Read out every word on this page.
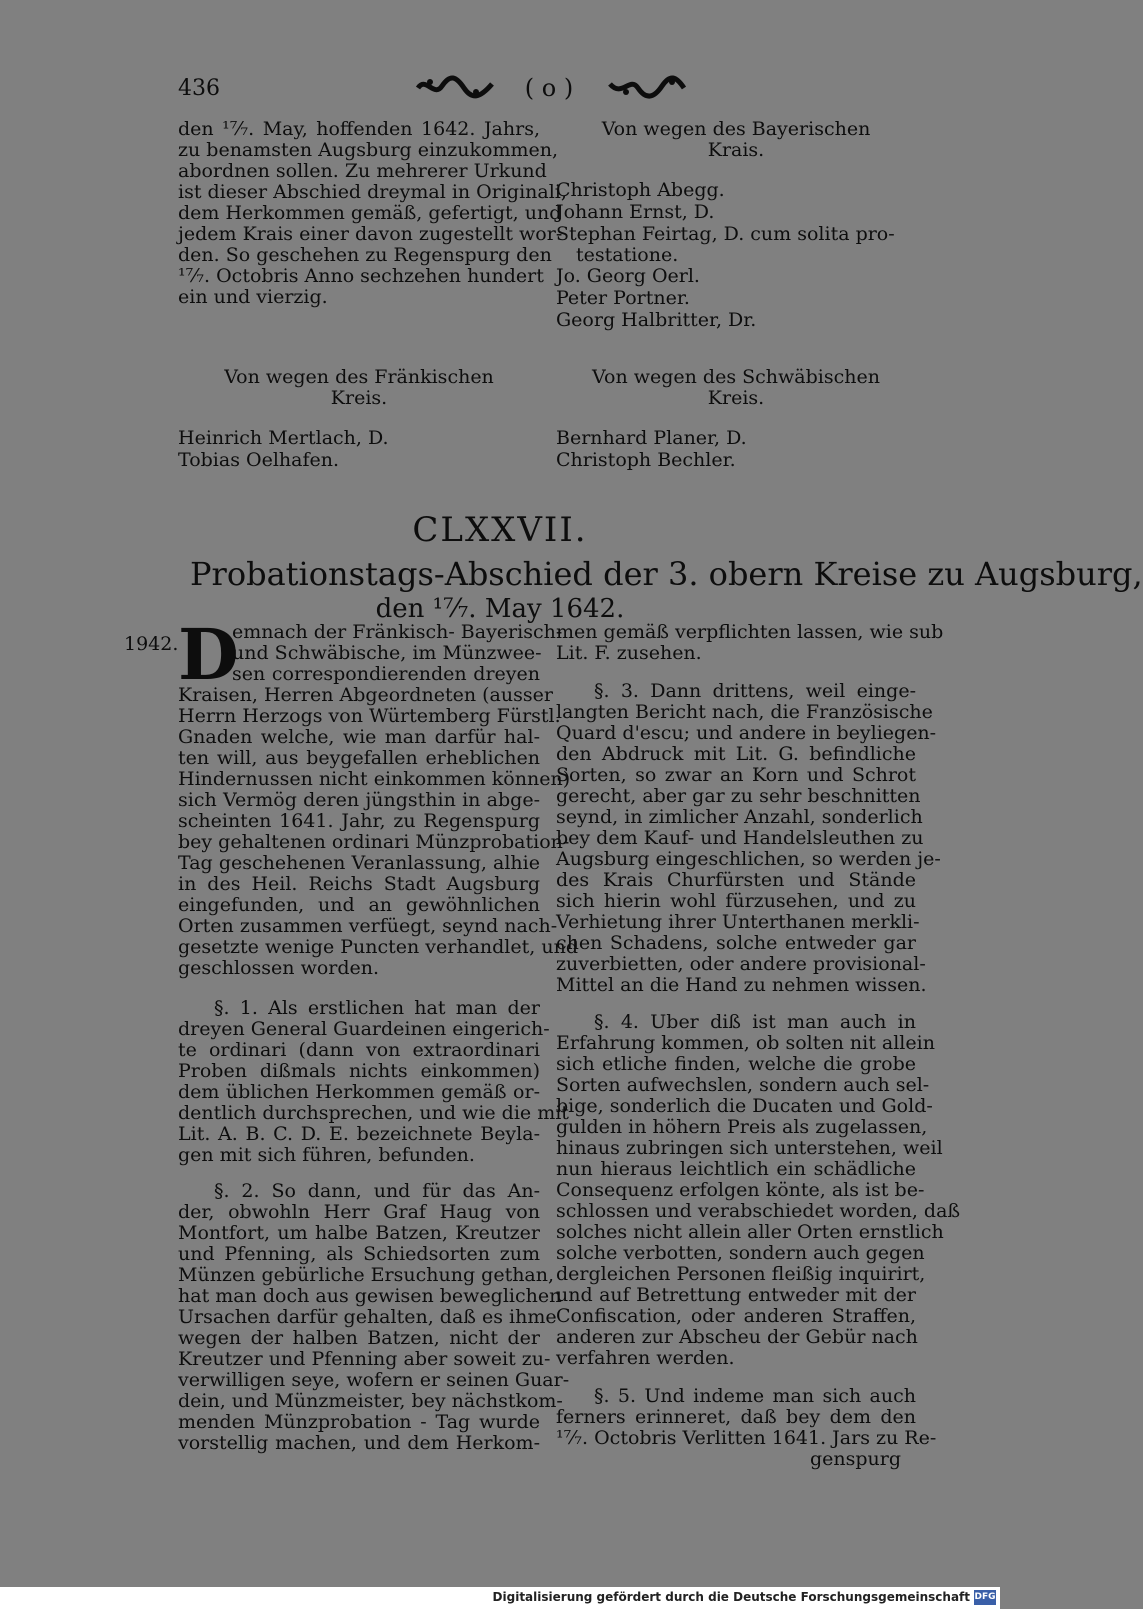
436	( o )
den ¹⁷⁄₇. May, hoffenden 1642. Jahrs,
zu benamsten Augsburg einzukommen,
abordnen sollen. Zu mehrerer Urkund
ist dieser Abschied dreymal in Originali,
dem Herkommen gemäß, gefertigt, und
jedem Krais einer davon zugestellt wor-
den. So geschehen zu Regenspurg den
¹⁷⁄₇. Octobris Anno sechzehen hundert
ein und vierzig.
Von wegen des Bayerischen
Krais.
Christoph Abegg.
Johann Ernst, D.
Stephan Feirtag, D. cum solita pro-
testatione.
Jo. Georg Oerl.
Peter Portner.
Georg Halbritter, Dr.
Von wegen des Fränkischen
Kreis.
Heinrich Mertlach, D.
Tobias Oelhafen.
Von wegen des Schwäbischen
Kreis.
Bernhard Planer, D.
Christoph Bechler.
CLXXVII.
Probationstags-Abschied der 3. obern Kreise zu Augsburg,
den ¹⁷⁄₇. May 1642.
1942. D
emnach der Fränkisch- Bayerisch-
und Schwäbische, im Münzwee-
sen correspondierenden dreyen
Kraisen, Herren Abgeordneten (ausser
Herrn Herzogs von Würtemberg Fürstl.
Gnaden welche, wie man darfür hal-
ten will, aus beygefallen erheblichen
Hindernussen nicht einkommen können)
sich Vermög deren jüngsthin in abge-
scheinten 1641. Jahr, zu Regenspurg
bey gehaltenen ordinari Münzprobation-
Tag geschehenen Veranlassung, alhie
in des Heil. Reichs Stadt Augsburg
eingefunden, und an gewöhnlichen
Orten zusammen verfüegt, seynd nach-
gesetzte wenige Puncten verhandlet, und
geschlossen worden.
§. 1. Als erstlichen hat man der
dreyen General Guardeinen eingerich-
te ordinari (dann von extraordinari
Proben dißmals nichts einkommen)
dem üblichen Herkommen gemäß or-
dentlich durchsprechen, und wie die mit
Lit. A. B. C. D. E. bezeichnete Beyla-
gen mit sich führen, befunden.
§. 2. So dann, und für das An-
der, obwohln Herr Graf Haug von
Montfort, um halbe Batzen, Kreutzer
und Pfenning, als Schiedsorten zum
Münzen gebürliche Ersuchung gethan,
hat man doch aus gewisen beweglichen
Ursachen darfür gehalten, daß es ihme
wegen der halben Batzen, nicht der
Kreutzer und Pfenning aber soweit zu-
verwilligen seye, wofern er seinen Guar-
dein, und Münzmeister, bey nächstkom-
menden Münzprobation - Tag wurde
vorstellig machen, und dem Herkom-
men gemäß verpflichten lassen, wie sub
Lit. F. zusehen.
§. 3. Dann drittens, weil einge-
langten Bericht nach, die Französische
Quard d'escu; und andere in beyliegen-
den Abdruck mit Lit. G. befindliche
Sorten, so zwar an Korn und Schrot
gerecht, aber gar zu sehr beschnitten
seynd, in zimlicher Anzahl, sonderlich
bey dem Kauf- und Handelsleuthen zu
Augsburg eingeschlichen, so werden je-
des Krais Churfürsten und Stände
sich hierin wohl fürzusehen, und zu
Verhietung ihrer Unterthanen merkli-
chen Schadens, solche entweder gar
zuverbietten, oder andere provisional-
Mittel an die Hand zu nehmen wissen.
§. 4. Uber diß ist man auch in
Erfahrung kommen, ob solten nit allein
sich etliche finden, welche die grobe
Sorten aufwechslen, sondern auch sel-
bige, sonderlich die Ducaten und Gold-
gulden in höhern Preis als zugelassen,
hinaus zubringen sich unterstehen, weil
nun hieraus leichtlich ein schädliche
Consequenz erfolgen könte, als ist be-
schlossen und verabschiedet worden, daß
solches nicht allein aller Orten ernstlich
solche verbotten, sondern auch gegen
dergleichen Personen fleißig inquirirt,
und auf Betrettung entweder mit der
Confiscation, oder anderen Straffen,
anderen zur Abscheu der Gebür nach
verfahren werden.
§. 5. Und indeme man sich auch
ferners erinneret, daß bey dem den
¹⁷⁄₇. Octobris Verlitten 1641. Jars zu Re-
genspurg
Digitalisierung gefördert durch die Deutsche Forschungsgemeinschaft DFG
